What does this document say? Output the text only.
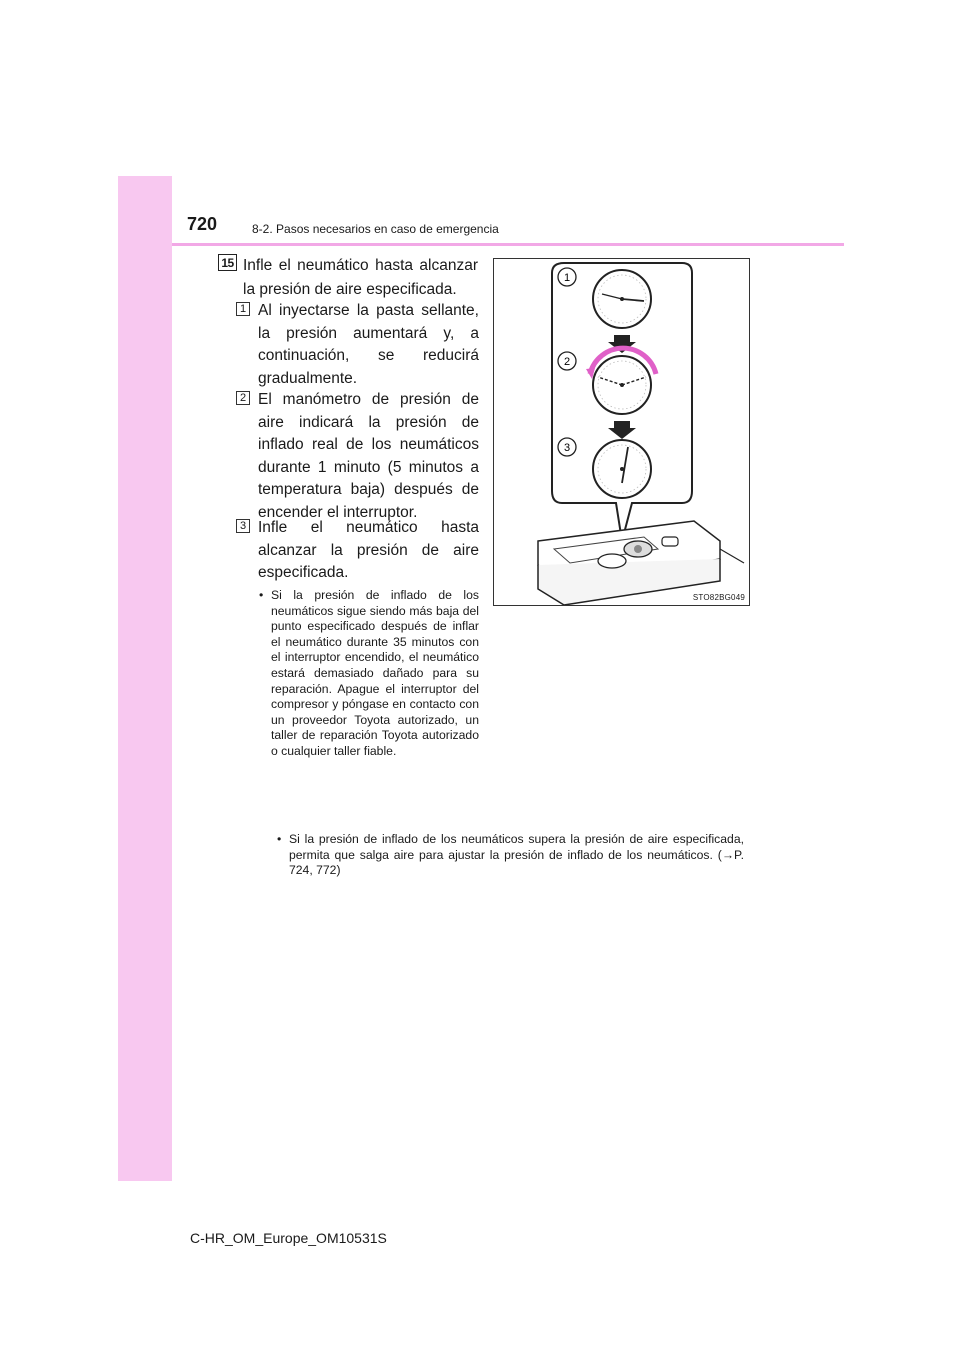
720	8-2. Pasos necesarios en caso de emergencia
15 Infle el neumático hasta alcanzar la presión de aire especificada.
1 Al inyectarse la pasta sellante, la presión aumentará y, a continuación, se reducirá gradualmente.
2 El manómetro de presión de aire indicará la presión de inflado real de los neumáticos durante 1 minuto (5 minutos a temperatura baja) después de encender el interruptor.
3 Infle el neumático hasta alcanzar la presión de aire especificada.
• Si la presión de inflado de los neumáticos sigue siendo más baja del punto especificado después de inflar el neumático durante 35 minutos con el interruptor encendido, el neumático estará demasiado dañado para su reparación. Apague el interruptor del compresor y póngase en contacto con un proveedor Toyota autorizado, un taller de reparación Toyota autorizado o cualquier taller fiable.
• Si la presión de inflado de los neumáticos supera la presión de aire especificada, permita que salga aire para ajustar la presión de inflado de los neumáticos. (→P. 724, 772)
1
2
3
STO82BG049
C-HR_OM_Europe_OM10531S
